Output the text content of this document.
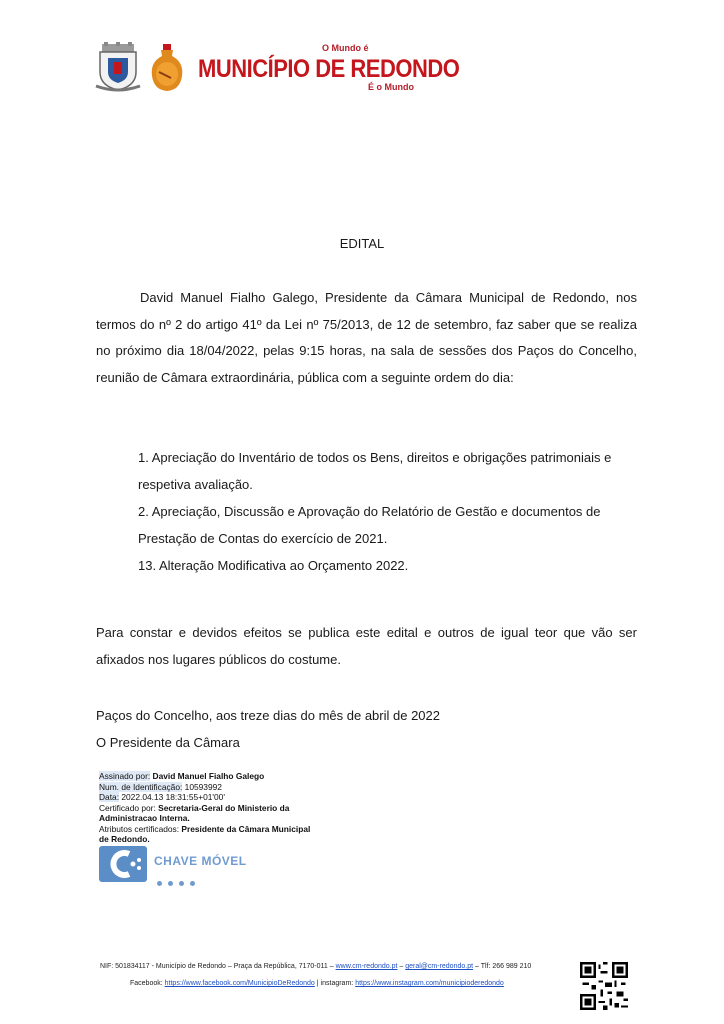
O Mundo é
MUNICÍPIO DE REDONDO
É o Mundo
EDITAL
David Manuel Fialho Galego, Presidente da Câmara Municipal de Redondo, nos termos do nº 2 do artigo 41º da Lei nº 75/2013, de 12 de setembro, faz saber que se realiza no próximo dia 18/04/2022, pelas 9:15 horas, na sala de sessões dos Paços do Concelho, reunião de Câmara extraordinária, pública com a seguinte ordem do dia:
1. Apreciação do Inventário de todos os Bens, direitos e obrigações patrimoniais e respetiva avaliação.
2. Apreciação, Discussão e Aprovação do Relatório de Gestão e documentos de Prestação de Contas do exercício de 2021.
13. Alteração Modificativa ao Orçamento 2022.
Para constar e devidos efeitos se publica este edital e outros de igual teor que vão ser afixados nos lugares públicos do costume.
Paços do Concelho, aos treze dias do mês de abril de 2022
O Presidente da Câmara
Assinado por: David Manuel Fialho Galego
Num. de Identificação: 10593992
Data: 2022.04.13 18:31:55+01'00'
Certificado por: Secretaria-Geral do Ministerio da Administracao Interna.
Atributos certificados: Presidente da Câmara Municipal de Redondo.
CHAVE MÓVEL
NIF: 501834117 - Município de Redondo – Praça da República, 7170-011 – www.cm-redondo.pt – geral@cm-redondo.pt – Tlf: 266 989 210
Facebook: https://www.facebook.com/MunicipioDeRedondo | instagram: https://www.instagram.com/municipioderedondo
